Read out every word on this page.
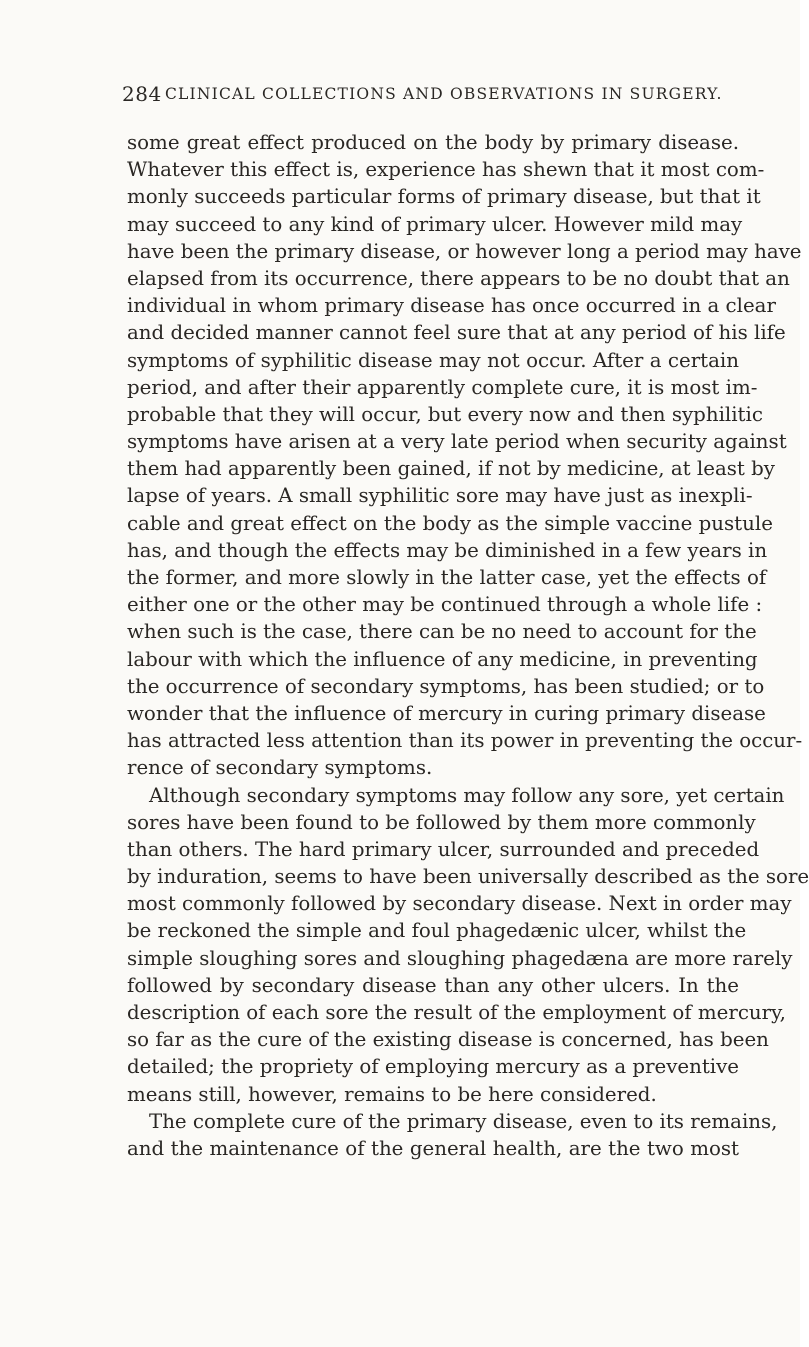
284 CLINICAL COLLECTIONS AND OBSERVATIONS IN SURGERY.
some great effect produced on the body by primary disease.
Whatever this effect is, experience has shewn that it most com-
monly succeeds particular forms of primary disease, but that it
may succeed to any kind of primary ulcer. However mild may
have been the primary disease, or however long a period may have
elapsed from its occurrence, there appears to be no doubt that an
individual in whom primary disease has once occurred in a clear
and decided manner cannot feel sure that at any period of his life
symptoms of syphilitic disease may not occur. After a certain
period, and after their apparently complete cure, it is most im-
probable that they will occur, but every now and then syphilitic
symptoms have arisen at a very late period when security against
them had apparently been gained, if not by medicine, at least by
lapse of years. A small syphilitic sore may have just as inexpli-
cable and great effect on the body as the simple vaccine pustule
has, and though the effects may be diminished in a few years in
the former, and more slowly in the latter case, yet the effects of
either one or the other may be continued through a whole life :
when such is the case, there can be no need to account for the
labour with which the influence of any medicine, in preventing
the occurrence of secondary symptoms, has been studied; or to
wonder that the influence of mercury in curing primary disease
has attracted less attention than its power in preventing the occur-
rence of secondary symptoms.
Although secondary symptoms may follow any sore, yet certain
sores have been found to be followed by them more commonly
than others. The hard primary ulcer, surrounded and preceded
by induration, seems to have been universally described as the sore
most commonly followed by secondary disease. Next in order may
be reckoned the simple and foul phagedænic ulcer, whilst the
simple sloughing sores and sloughing phagedæna are more rarely
followed by secondary disease than any other ulcers. In the
description of each sore the result of the employment of mercury,
so far as the cure of the existing disease is concerned, has been
detailed; the propriety of employing mercury as a preventive
means still, however, remains to be here considered.
The complete cure of the primary disease, even to its remains,
and the maintenance of the general health, are the two most
